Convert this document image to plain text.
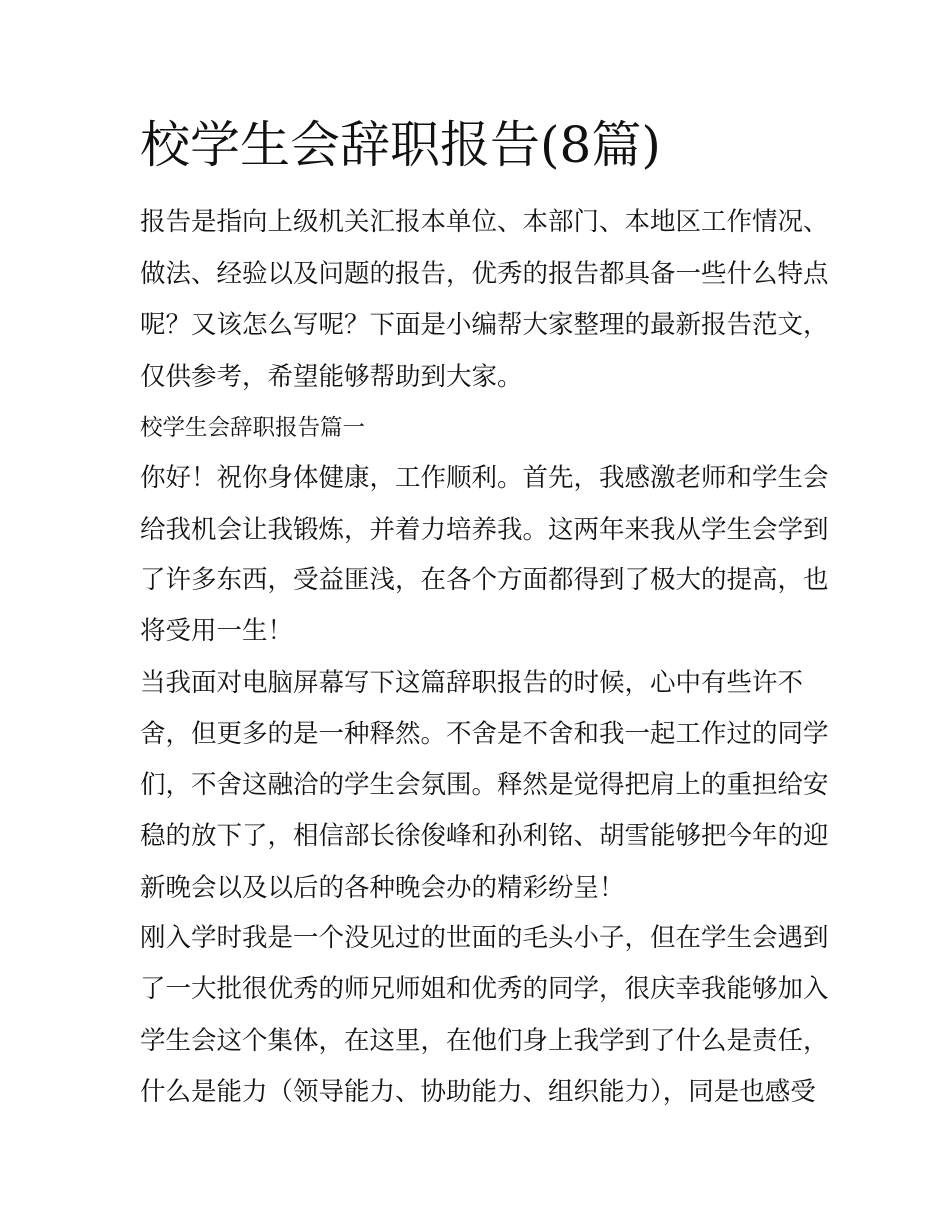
校学生会辞职报告(8篇)
报告是指向上级机关汇报本单位、本部门、本地区工作情况、
做法、经验以及问题的报告，优秀的报告都具备一些什么特点
呢？又该怎么写呢？下面是小编帮大家整理的最新报告范文，
仅供参考，希望能够帮助到大家。
校学生会辞职报告篇一
你好！祝你身体健康，工作顺利。首先，我感激老师和学生会
给我机会让我锻炼，并着力培养我。这两年来我从学生会学到
了许多东西，受益匪浅，在各个方面都得到了极大的提高，也
将受用一生！
当我面对电脑屏幕写下这篇辞职报告的时候，心中有些许不
舍，但更多的是一种释然。不舍是不舍和我一起工作过的同学
们，不舍这融洽的学生会氛围。释然是觉得把肩上的重担给安
稳的放下了，相信部长徐俊峰和孙利铭、胡雪能够把今年的迎
新晚会以及以后的各种晚会办的精彩纷呈！
刚入学时我是一个没见过的世面的毛头小子，但在学生会遇到
了一大批很优秀的师兄师姐和优秀的同学，很庆幸我能够加入
学生会这个集体，在这里，在他们身上我学到了什么是责任，
什么是能力（领导能力、协助能力、组织能力），同是也感受
